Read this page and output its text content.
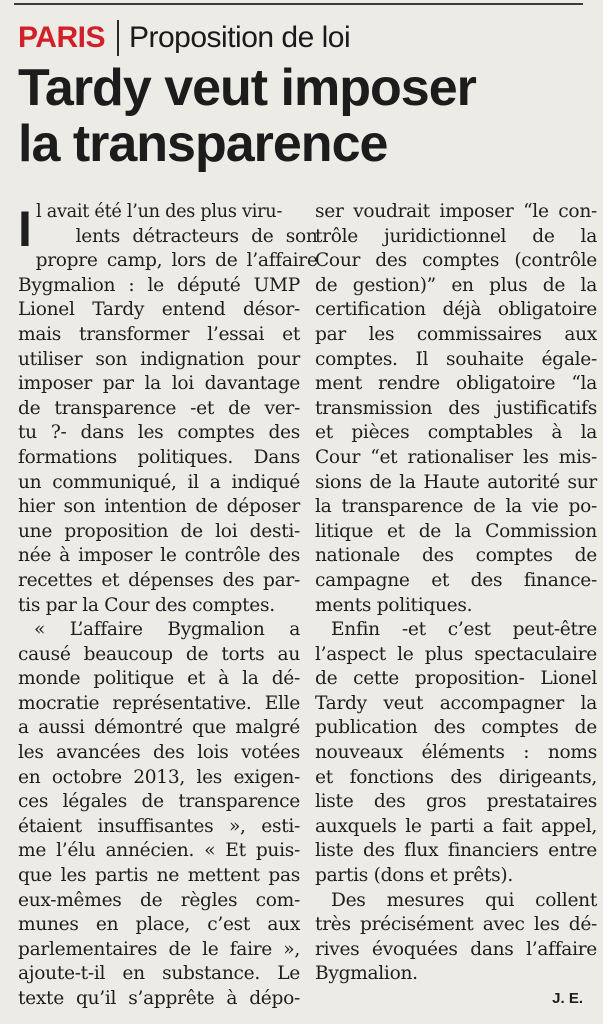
PARIS Proposition de loi
Tardy veut imposer
la transparence
I l avait été l’un des plus viru-
lents détracteurs de son
propre camp, lors de l’affaire
Bygmalion : le député UMP
Lionel Tardy entend désor-
mais transformer l’essai et
utiliser son indignation pour
imposer par la loi davantage
de transparence -et de ver-
tu ?- dans les comptes des
formations politiques. Dans
un communiqué, il a indiqué
hier son intention de déposer
une proposition de loi desti-
née à imposer le contrôle des
recettes et dépenses des par-
tis par la Cour des comptes.
« L’affaire Bygmalion a
causé beaucoup de torts au
monde politique et à la dé-
mocratie représentative. Elle
a aussi démontré que malgré
les avancées des lois votées
en octobre 2013, les exigen-
ces légales de transparence
étaient insuffisantes », esti-
me l’élu annécien. « Et puis-
que les partis ne mettent pas
eux-mêmes de règles com-
munes en place, c’est aux
parlementaires de le faire »,
ajoute-t-il en substance. Le
texte qu’il s’apprête à dépo-
ser voudrait imposer “le con-
trôle juridictionnel de la
Cour des comptes (contrôle
de gestion)” en plus de la
certification déjà obligatoire
par les commissaires aux
comptes. Il souhaite égale-
ment rendre obligatoire “la
transmission des justificatifs
et pièces comptables à la
Cour “et rationaliser les mis-
sions de la Haute autorité sur
la transparence de la vie po-
litique et de la Commission
nationale des comptes de
campagne et des finance-
ments politiques.
Enfin -et c’est peut-être
l’aspect le plus spectaculaire
de cette proposition- Lionel
Tardy veut accompagner la
publication des comptes de
nouveaux éléments : noms
et fonctions des dirigeants,
liste des gros prestataires
auxquels le parti a fait appel,
liste des flux financiers entre
partis (dons et prêts).
Des mesures qui collent
très précisément avec les dé-
rives évoquées dans l’affaire
Bygmalion.
J. E.
